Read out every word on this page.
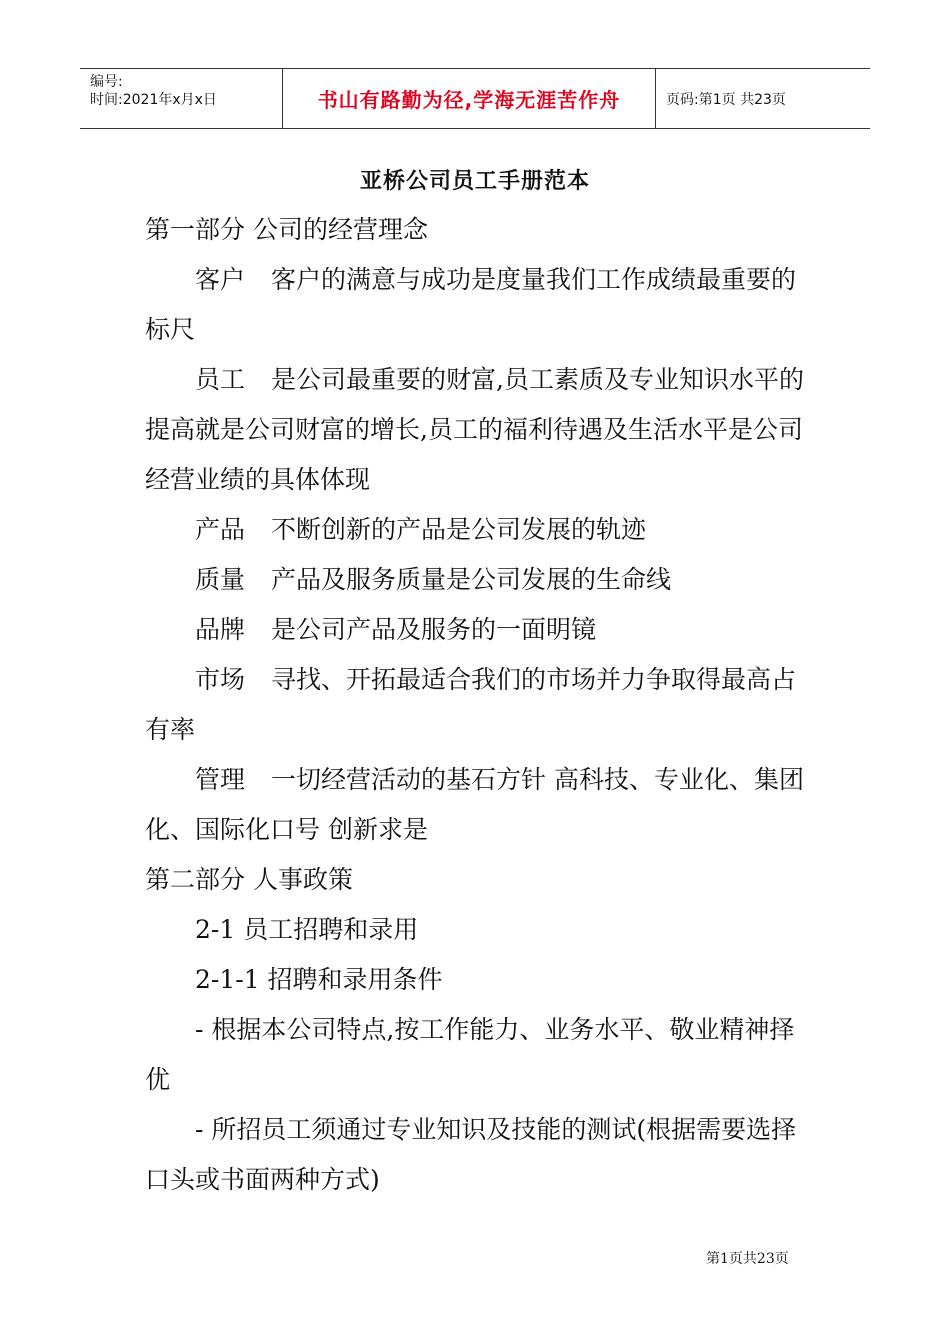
编号:
时间:2021年x月x日	书山有路勤为径,学海无涯苦作舟	页码:第1页 共23页
亚桥公司员工手册范本

第一部分 公司的经营理念

客户 客户的满意与成功是度量我们工作成绩最重要的标尺

员工 是公司最重要的财富,员工素质及专业知识水平的提高就是公司财富的增长,员工的福利待遇及生活水平是公司经营业绩的具体体现

产品 不断创新的产品是公司发展的轨迹

质量 产品及服务质量是公司发展的生命线

品牌 是公司产品及服务的一面明镜

市场 寻找、开拓最适合我们的市场并力争取得最高占有率

管理 一切经营活动的基石方针 高科技、专业化、集团化、国际化口号 创新求是

第二部分 人事政策

2-1 员工招聘和录用

2-1-1 招聘和录用条件

- 根据本公司特点,按工作能力、业务水平、敬业精神择优

- 所招员工须通过专业知识及技能的测试(根据需要选择口头或书面两种方式)

第1页共23页
